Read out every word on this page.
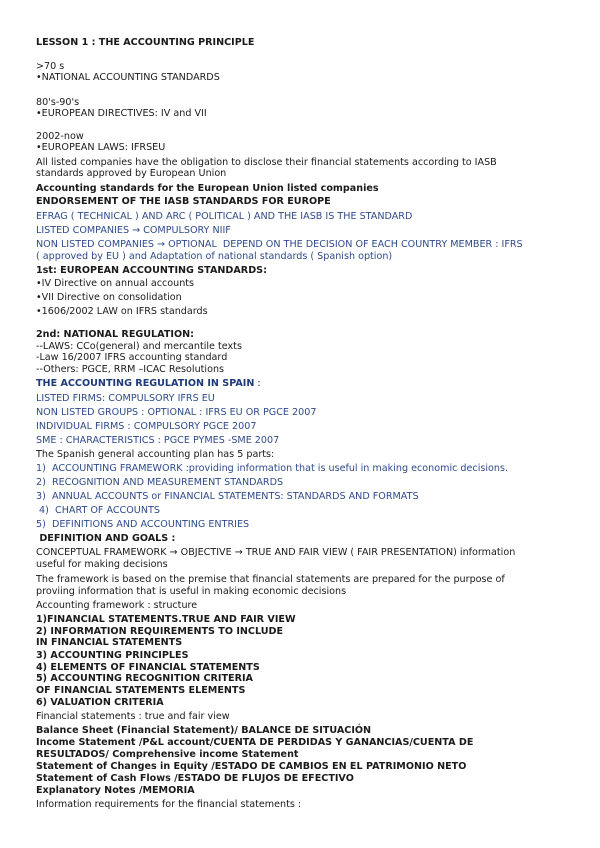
LESSON 1 : THE ACCOUNTING PRINCIPLE
>70 s
•NATIONAL ACCOUNTING STANDARDS
80's-90's
•EUROPEAN DIRECTIVES: IV and VII
2002-now
•EUROPEAN LAWS: IFRSEU
All listed companies have the obligation to disclose their financial statements according to IASB
standards approved by European Union
Accounting standards for the European Union listed companies
ENDORSEMENT OF THE IASB STANDARDS FOR EUROPE
EFRAG ( TECHNICAL ) AND ARC ( POLITICAL ) AND THE IASB IS THE STANDARD
LISTED COMPANIES → COMPULSORY NIIF
NON LISTED COMPANIES → OPTIONAL  DEPEND ON THE DECISION OF EACH COUNTRY MEMBER : IFRS
( approved by EU ) and Adaptation of national standards ( Spanish option)
1st: EUROPEAN ACCOUNTING STANDARDS:
•IV Directive on annual accounts
•VII Directive on consolidation
•1606/2002 LAW on IFRS standards
2nd: NATIONAL REGULATION:
--LAWS: CCo(general) and mercantile texts
-Law 16/2007 IFRS accounting standard
--Others: PGCE, RRM –ICAC Resolutions
THE ACCOUNTING REGULATION IN SPAIN :
LISTED FIRMS: COMPULSORY IFRS EU
NON LISTED GROUPS : OPTIONAL : IFRS EU OR PGCE 2007
INDIVIDUAL FIRMS : COMPULSORY PGCE 2007
SME : CHARACTERISTICS : PGCE PYMES -SME 2007
The Spanish general accounting plan has 5 parts:
1)  ACCOUNTING FRAMEWORK :providing information that is useful in making economic decisions.
2)  RECOGNITION AND MEASUREMENT STANDARDS
3)  ANNUAL ACCOUNTS or FINANCIAL STATEMENTS: STANDARDS AND FORMATS
4)  CHART OF ACCOUNTS
5)  DEFINITIONS AND ACCOUNTING ENTRIES
DEFINITION AND GOALS :
CONCEPTUAL FRAMEWORK → OBJECTIVE → TRUE AND FAIR VIEW ( FAIR PRESENTATION) information
useful for making decisions
The framework is based on the premise that financial statements are prepared for the purpose of
proviing information that is useful in making economic decisions
Accounting framework : structure
1)FINANCIAL STATEMENTS.TRUE AND FAIR VIEW
2) INFORMATION REQUIREMENTS TO INCLUDE
IN FINANCIAL STATEMENTS
3) ACCOUNTING PRINCIPLES
4) ELEMENTS OF FINANCIAL STATEMENTS
5) ACCOUNTING RECOGNITION CRITERIA
OF FINANCIAL STATEMENTS ELEMENTS
6) VALUATION CRITERIA
Financial statements : true and fair view
Balance Sheet (Financial Statement)/ BALANCE DE SITUACIÓN
Income Statement /P&L account/CUENTA DE PERDIDAS Y GANANCIAS/CUENTA DE
RESULTADOS/ Comprehensive income Statement
Statement of Changes in Equity /ESTADO DE CAMBIOS EN EL PATRIMONIO NETO
Statement of Cash Flows /ESTADO DE FLUJOS DE EFECTIVO
Explanatory Notes /MEMORIA
Information requirements for the financial statements :
